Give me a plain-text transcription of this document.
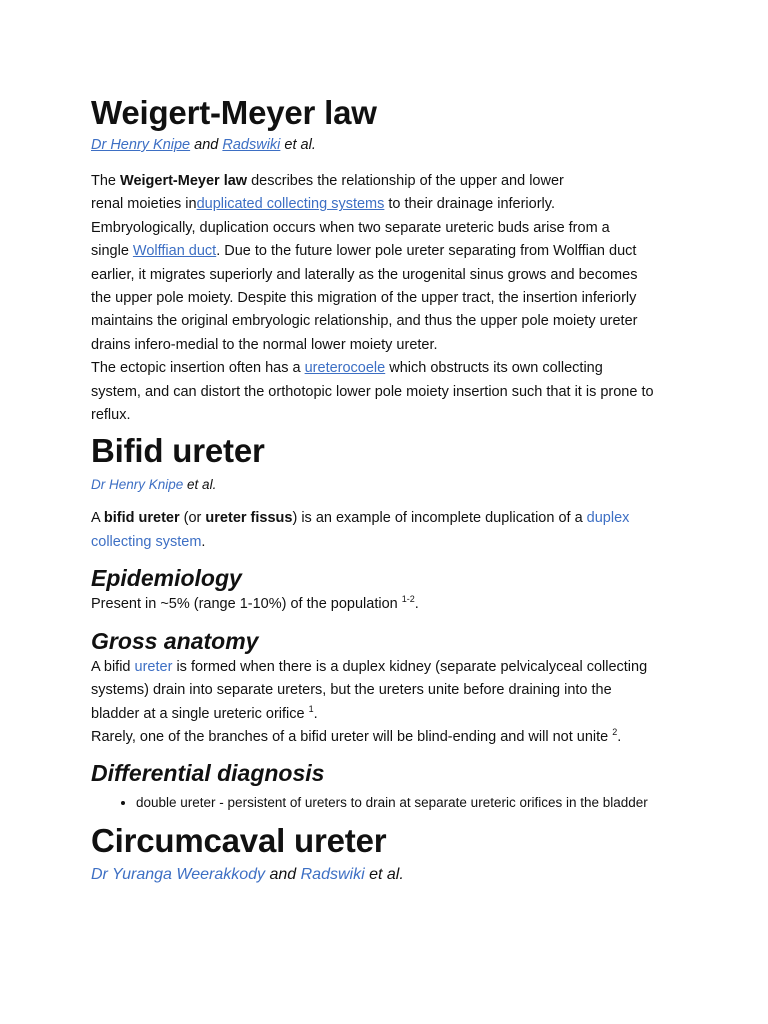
Weigert-Meyer law

Dr Henry Knipe and Radswiki et al.

The Weigert-Meyer law describes the relationship of the upper and lower
renal moieties induplicated collecting systems to their drainage inferiorly.
Embryologically, duplication occurs when two separate ureteric buds arise from a
single Wolffian duct. Due to the future lower pole ureter separating from Wolffian duct
earlier, it migrates superiorly and laterally as the urogenital sinus grows and becomes
the upper pole moiety. Despite this migration of the upper tract, the insertion inferiorly
maintains the original embryologic relationship, and thus the upper pole moiety ureter
drains infero-medial to the normal lower moiety ureter.
The ectopic insertion often has a ureterocoele which obstructs its own collecting
system, and can distort the orthotopic lower pole moiety insertion such that it is prone to
reflux.

Bifid ureter

Dr Henry Knipe et al.

A bifid ureter (or ureter fissus) is an example of incomplete duplication of a duplex
collecting system.

Epidemiology

Present in ~5% (range 1-10%) of the population $^{1-2}$.

Gross anatomy

A bifid ureter is formed when there is a duplex kidney (separate pelvicalyceal collecting
systems) drain into separate ureters, but the ureters unite before draining into the
bladder at a single ureteric orifice $^1$.
Rarely, one of the branches of a bifid ureter will be blind-ending and will not unite $^2$.

Differential diagnosis
• double ureter - persistent of ureters to drain at separate ureteric orifices in the bladder
Circumcaval ureter

Dr Yuranga Weerakkody and Radswiki et al.
